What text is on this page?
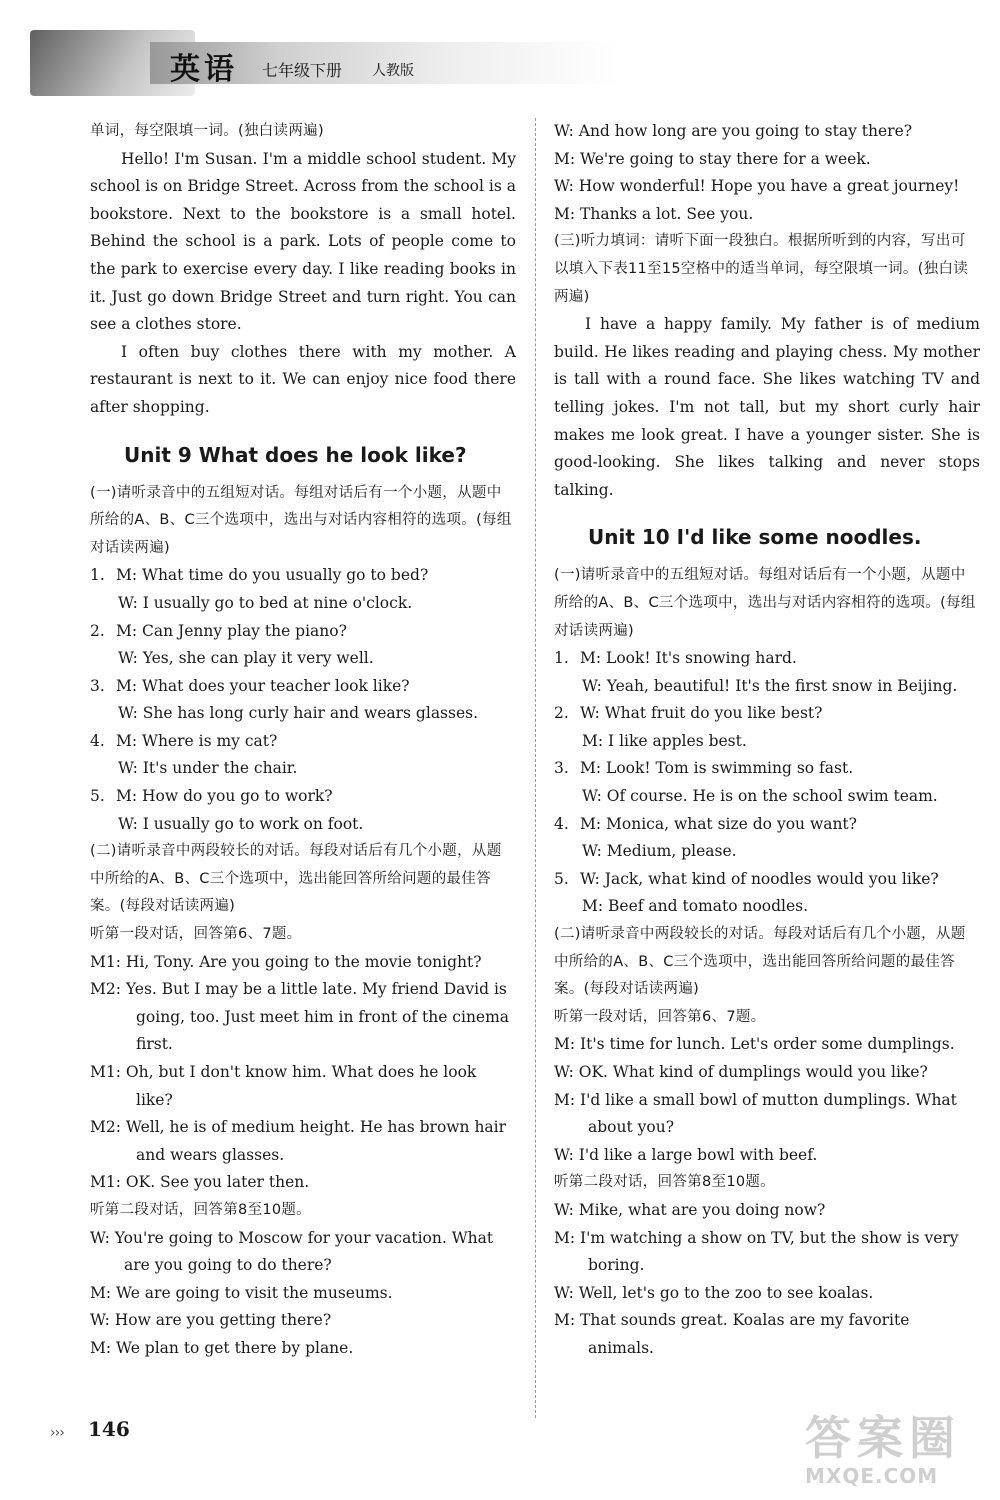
英语 七年级下册 人教版

单词，每空限填一词。(独白读两遍)

Hello! I'm Susan. I'm a middle school student. My school is on Bridge Street. Across from the school is a bookstore. Next to the bookstore is a small hotel. Behind the school is a park. Lots of people come to the park to exercise every day. I like reading books in it. Just go down Bridge Street and turn right. You can see a clothes store.

I often buy clothes there with my mother. A restaurant is next to it. We can enjoy nice food there after shopping.

Unit 9 What does he look like?

(一)请听录音中的五组短对话。每组对话后有一个小题，从题中所给的A、B、C三个选项中，选出与对话内容相符的选项。(每组对话读两遍)

1. M: What time do you usually go to bed?
W: I usually go to bed at nine o'clock.
2. M: Can Jenny play the piano?
W: Yes, she can play it very well.
3. M: What does your teacher look like?
W: She has long curly hair and wears glasses.
4. M: Where is my cat?
W: It's under the chair.
5. M: How do you go to work?
W: I usually go to work on foot.

(二)请听录音中两段较长的对话。每段对话后有几个小题，从题中所给的A、B、C三个选项中，选出能回答所给问题的最佳答案。(每段对话读两遍)

听第一段对话，回答第6、7题。

M1: Hi, Tony. Are you going to the movie tonight?
M2: Yes. But I may be a little late. My friend David is going, too. Just meet him in front of the cinema first.
M1: Oh, but I don't know him. What does he look like?
M2: Well, he is of medium height. He has brown hair and wears glasses.
M1: OK. See you later then.

听第二段对话，回答第8至10题。

W: You're going to Moscow for your vacation. What are you going to do there?
M: We are going to visit the museums.
W: How are you getting there?
M: We plan to get there by plane.
W: And how long are you going to stay there?
M: We're going to stay there for a week.
W: How wonderful! Hope you have a great journey!
M: Thanks a lot. See you.

(三)听力填词：请听下面一段独白。根据所听到的内容，写出可以填入下表11至15空格中的适当单词，每空限填一词。(独白读两遍)

I have a happy family. My father is of medium build. He likes reading and playing chess. My mother is tall with a round face. She likes watching TV and telling jokes. I'm not tall, but my short curly hair makes me look great. I have a younger sister. She is good-looking. She likes talking and never stops talking.

Unit 10 I'd like some noodles.

(一)请听录音中的五组短对话。每组对话后有一个小题，从题中所给的A、B、C三个选项中，选出与对话内容相符的选项。(每组对话读两遍)

1. M: Look! It's snowing hard.
W: Yeah, beautiful! It's the first snow in Beijing.
2. W: What fruit do you like best?
M: I like apples best.
3. M: Look! Tom is swimming so fast.
W: Of course. He is on the school swim team.
4. M: Monica, what size do you want?
W: Medium, please.
5. W: Jack, what kind of noodles would you like?
M: Beef and tomato noodles.

(二)请听录音中两段较长的对话。每段对话后有几个小题，从题中所给的A、B、C三个选项中，选出能回答所给问题的最佳答案。(每段对话读两遍)

听第一段对话，回答第6、7题。

M: It's time for lunch. Let's order some dumplings.
W: OK. What kind of dumplings would you like?
M: I'd like a small bowl of mutton dumplings. What about you?
W: I'd like a large bowl with beef.

听第二段对话，回答第8至10题。

W: Mike, what are you doing now?
M: I'm watching a show on TV, but the show is very boring.
W: Well, let's go to the zoo to see koalas.
M: That sounds great. Koalas are my favorite animals.
››› 146	答案圈
MXQE.COM
